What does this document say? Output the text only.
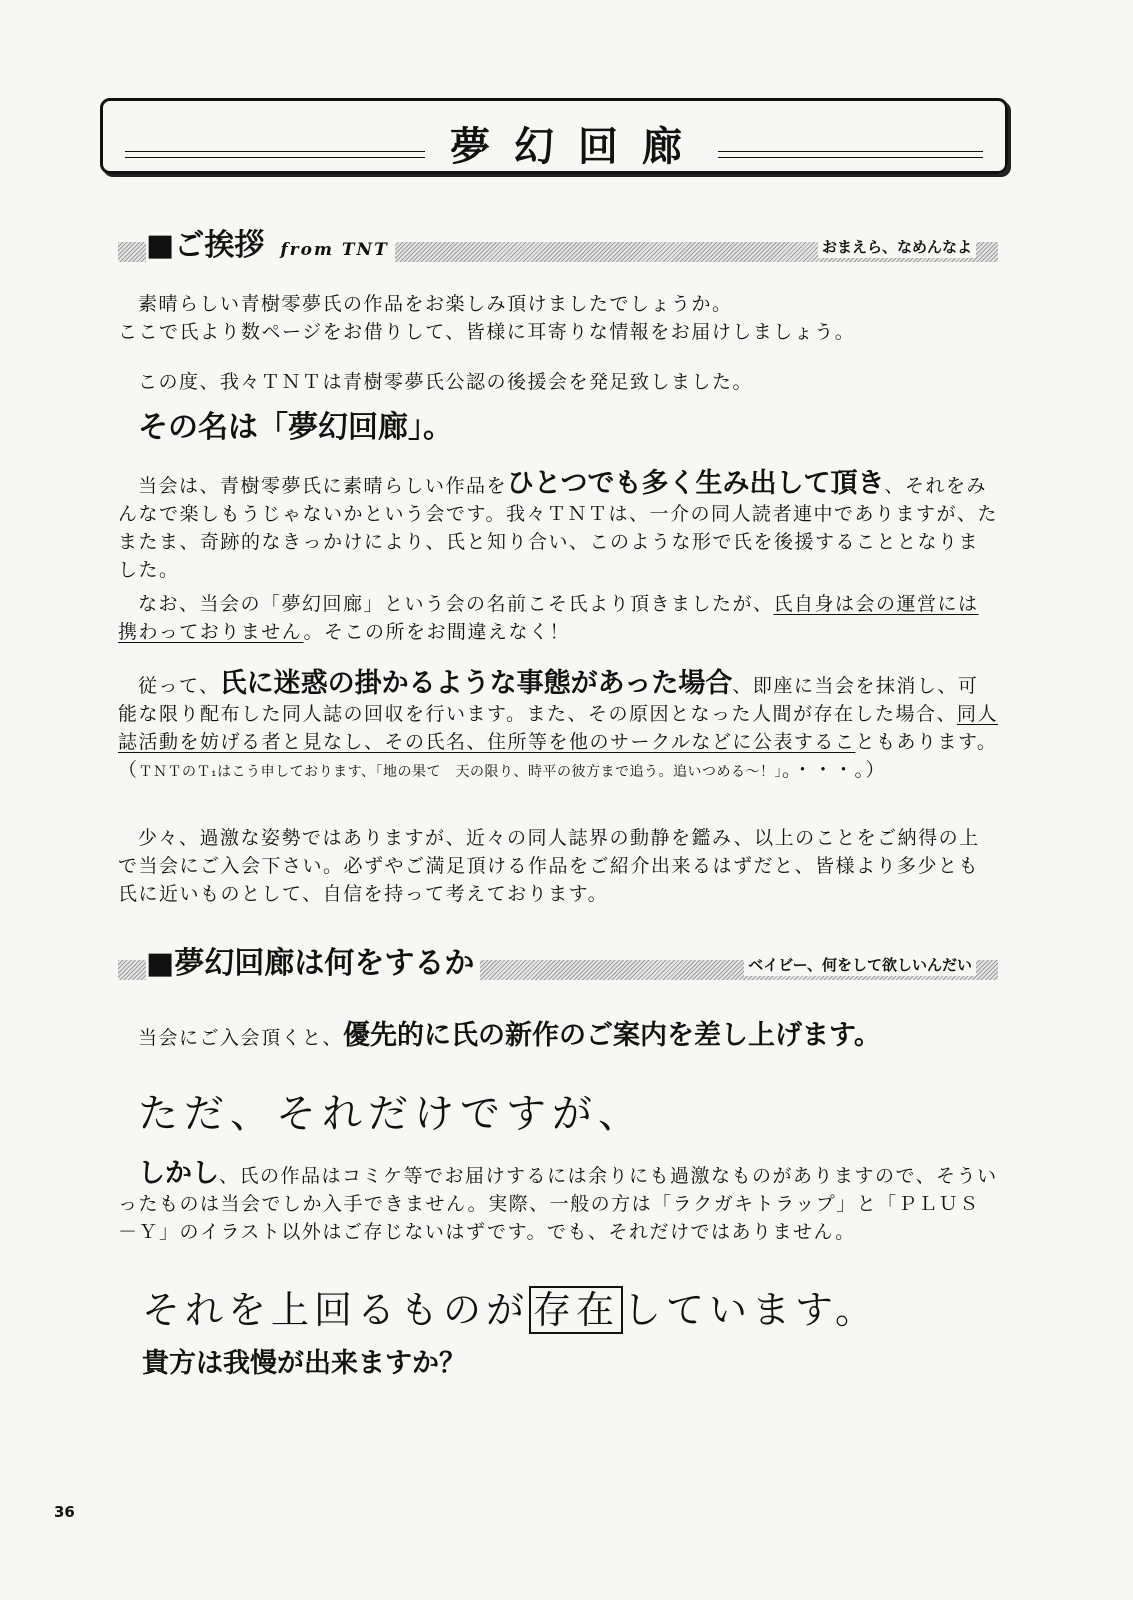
夢幻回廊
■ご挨拶 from TNT	おまえら、なめんなよ
素晴らしい青樹零夢氏の作品をお楽しみ頂けましたでしょうか。
ここで氏より数ページをお借りして、皆様に耳寄りな情報をお届けしましょう。
この度、我々ＴＮＴは青樹零夢氏公認の後援会を発足致しました。
その名は「夢幻回廊」。
当会は、青樹零夢氏に素晴らしい作品をひとつでも多く生み出して頂き、それをみんなで楽しもうじゃないかという会です。我々ＴＮＴは、一介の同人読者連中でありますが、たまたま、奇跡的なきっかけにより、氏と知り合い、このような形で氏を後援することとなりました。
なお、当会の「夢幻回廊」という会の名前こそ氏より頂きましたが、氏自身は会の運営には携わっておりません。そこの所をお間違えなく！
従って、氏に迷惑の掛かるような事態があった場合、即座に当会を抹消し、可能な限り配布した同人誌の回収を行います。また、その原因となった人間が存在した場合、同人誌活動を妨げる者と見なし、その氏名、住所等を他のサークルなどに公表することもあります。（ＴＮＴのＴ₁はこう申しております、「地の果て　天の限り、時平の彼方まで追う。追いつめる～！」。・・・。）
少々、過激な姿勢ではありますが、近々の同人誌界の動静を鑑み、以上のことをご納得の上で当会にご入会下さい。必ずやご満足頂ける作品をご紹介出来るはずだと、皆様より多少とも氏に近いものとして、自信を持って考えております。
■夢幻回廊は何をするか	ベイビー、何をして欲しいんだい
当会にご入会頂くと、優先的に氏の新作のご案内を差し上げます。
ただ、それだけですが、
しかし、氏の作品はコミケ等でお届けするには余りにも過激なものがありますので、そういったものは当会でしか入手できません。実際、一般の方は「ラクガキトラップ」と「ＰＬＵＳ－Ｙ」のイラスト以外はご存じないはずです。でも、それだけではありません。
それを上回るものが 存在 しています。
貴方は我慢が出来ますか？
36
